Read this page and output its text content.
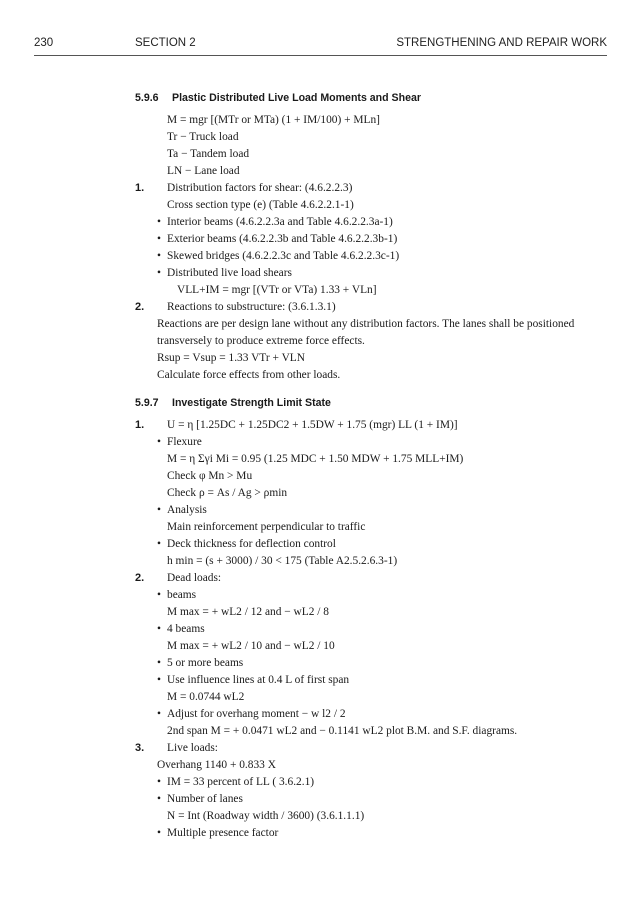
230	SECTION 2	STRENGTHENING AND REPAIR WORK
5.9.6 Plastic Distributed Live Load Moments and Shear
M = mgr [(MTr or MTa) (1 + IM/100) + MLn]
Tr − Truck load
Ta − Tandem load
LN − Lane load
1. Distribution factors for shear: (4.6.2.2.3)
Cross section type (e) (Table 4.6.2.2.1-1)
• Interior beams (4.6.2.2.3a and Table 4.6.2.2.3a-1)
• Exterior beams (4.6.2.2.3b and Table 4.6.2.2.3b-1)
• Skewed bridges (4.6.2.2.3c and Table 4.6.2.2.3c-1)
• Distributed live load shears
VLL+IM = mgr [(VTr or VTa) 1.33 + VLn]
2. Reactions to substructure: (3.6.1.3.1)
Reactions are per design lane without any distribution factors. The lanes shall be positioned transversely to produce extreme force effects.
Rsup = Vsup = 1.33 VTr + VLN
Calculate force effects from other loads.
5.9.7 Investigate Strength Limit State
1. U = η [1.25DC + 1.25DC2 + 1.5DW + 1.75 (mgr) LL (1 + IM)]
• Flexure
M = η Σγi Mi = 0.95 (1.25 MDC + 1.50 MDW + 1.75 MLL+IM)
Check φ Mn > Mu
Check ρ = As / Ag > ρmin
• Analysis
Main reinforcement perpendicular to traffic
• Deck thickness for deflection control
h min = (s + 3000) / 30 < 175 (Table A2.5.2.6.3-1)
2. Dead loads:
• beams
M max = + wL2 / 12 and − wL2 / 8
• 4 beams
M max = + wL2 / 10 and − wL2 / 10
• 5 or more beams
• Use influence lines at 0.4 L of first span
M = 0.0744 wL2
• Adjust for overhang moment − w l2 / 2
2nd span M = + 0.0471 wL2 and − 0.1141 wL2 plot B.M. and S.F. diagrams.
3. Live loads:
Overhang 1140 + 0.833 X
• IM = 33 percent of LL ( 3.6.2.1)
• Number of lanes
N = Int (Roadway width / 3600) (3.6.1.1.1)
• Multiple presence factor
